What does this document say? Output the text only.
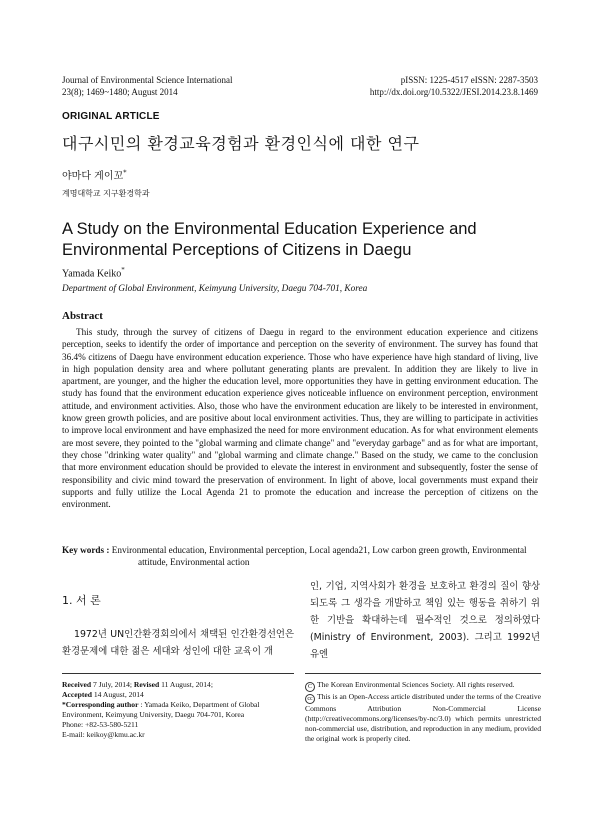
Journal of Environmental Science International
23(8); 1469~1480; August 2014
pISSN: 1225-4517 eISSN: 2287-3503
http://dx.doi.org/10.5322/JESI.2014.23.8.1469
ORIGINAL ARTICLE
대구시민의 환경교육경험과 환경인식에 대한 연구
야마다 게이꼬*
계명대학교 지구환경학과
A Study on the Environmental Education Experience and
Environmental Perceptions of Citizens in Daegu
Yamada Keiko*
Department of Global Environment, Keimyung University, Daegu 704-701, Korea
Abstract
This study, through the survey of citizens of Daegu in regard to the environment education experience and citizens perception, seeks to identify the order of importance and perception on the severity of environment. The survey has found that 36.4% citizens of Daegu have environment education experience. Those who have experience have high standard of living, live in high population density area and where pollutant generating plants are prevalent. In addition they are likely to live in apartment, are younger, and the higher the education level, more opportunities they have in getting environment education. The study has found that the environment education experience gives noticeable influence on environment perception, environment attitude, and environment activities. Also, those who have the environment education are likely to be interested in environment, know green growth policies, and are positive about local environment activities. Thus, they are willing to participate in activities to improve local environment and have emphasized the need for more environment education. As for what environment elements are most severe, they pointed to the "global warming and climate change" and "everyday garbage" and as for what are important, they chose "drinking water quality" and "global warming and climate change." Based on the study, we came to the conclusion that more environment education should be provided to elevate the interest in environment and subsequently, foster the sense of responsibility and civic mind toward the preservation of environment. In light of above, local governments must expand their supports and fully utilize the Local Agenda 21 to promote the education and increase the perception of citizens on the environment.
Key words : Environmental education, Environmental perception, Local agenda21, Low carbon green growth, Environmental
attitude, Environmental action
1. 서 론
1972년 UN인간환경회의에서 채택된 인간환경선언은 환경문제에 대한 젊은 세대와 성인에 대한 교육이 개
인, 기업, 지역사회가 환경을 보호하고 환경의 질이 향상되도록 그 생각을 개발하고 책임 있는 행동을 취하기 위한 기반을 확대하는데 필수적인 것으로 정의하였다 (Ministry of Environment, 2003). 그리고 1992년 유엔
Received 7 July, 2014; Revised 11 August, 2014;
Accepted 14 August, 2014
*Corresponding author : Yamada Keiko, Department of Global Environment, Keimyung University, Daegu 704-701, Korea
Phone: +82-53-580-5211
E-mail: keikoy@kmu.ac.kr
C The Korean Environmental Sciences Society. All rights reserved.
cc This is an Open-Access article distributed under the terms of the Creative Commons Attribution Non-Commercial License (http://creativecommons.org/licenses/by-nc/3.0) which permits unrestricted non-commercial use, distribution, and reproduction in any medium, provided the original work is properly cited.
